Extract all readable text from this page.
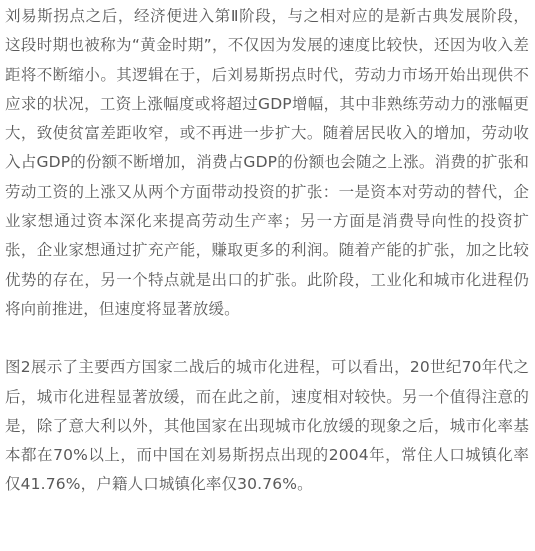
刘易斯拐点之后，经济便进入第Ⅱ阶段，与之相对应的是新古典发展阶段，这段时期也被称为“黄金时期”，不仅因为发展的速度比较快，还因为收入差距将不断缩小。其逻辑在于，后刘易斯拐点时代，劳动力市场开始出现供不应求的状况，工资上涨幅度或将超过GDP增幅，其中非熟练劳动力的涨幅更大，致使贫富差距收窄，或不再进一步扩大。随着居民收入的增加，劳动收入占GDP的份额不断增加，消费占GDP的份额也会随之上涨。消费的扩张和劳动工资的上涨又从两个方面带动投资的扩张：一是资本对劳动的替代，企业家想通过资本深化来提高劳动生产率；另一方面是消费导向性的投资扩张，企业家想通过扩充产能，赚取更多的利润。随着产能的扩张，加之比较优势的存在，另一个特点就是出口的扩张。此阶段，工业化和城市化进程仍将向前推进，但速度将显著放缓。

图2展示了主要西方国家二战后的城市化进程，可以看出，20世纪70年代之后，城市化进程显著放缓，而在此之前，速度相对较快。另一个值得注意的是，除了意大利以外，其他国家在出现城市化放缓的现象之后，城市化率基本都在70%以上，而中国在刘易斯拐点出现的2004年，常住人口城镇化率仅41.76%，户籍人口城镇化率仅30.76%。
